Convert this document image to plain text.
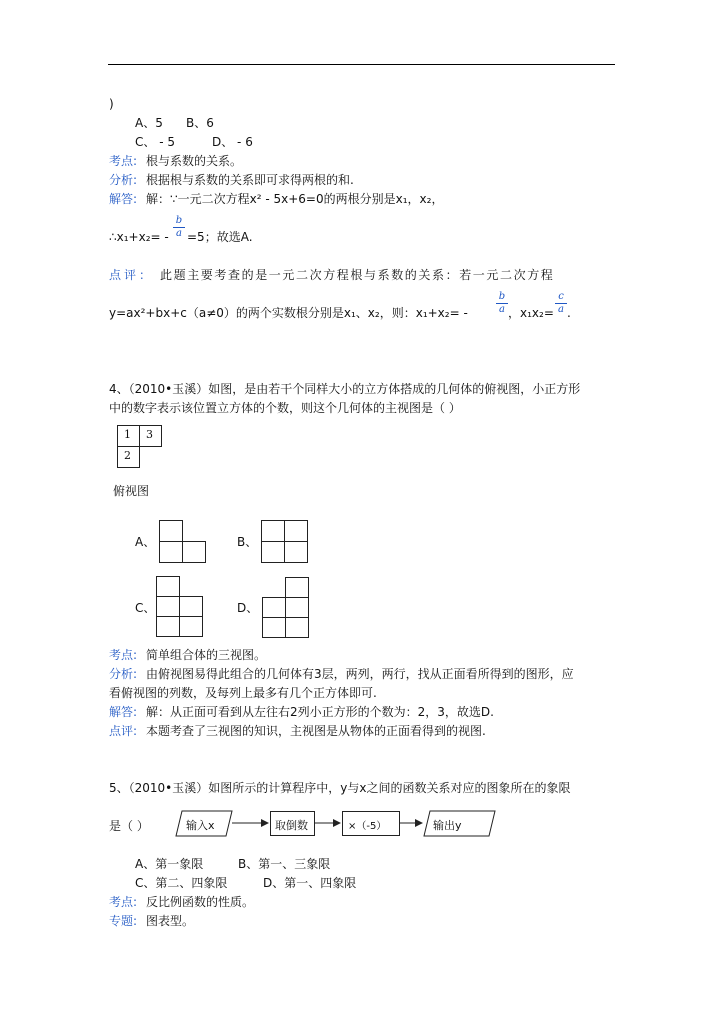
)
A、5 B、6
C、 - 5	D、 - 6
考点: 根与系数的关系。
分析: 根据根与系数的关系即可求得两根的和.
解答: 解：∵一元二次方程x² - 5x+6=0的两根分别是x₁，x₂，
∴x₁+x₂= -
b
a =5；故选A.
点评： 此题主要考查的是一元二次方程根与系数的关系：若一元二次方程
y=ax²+bx+c（a≠0）的两个实数根分别是x₁、x₂，则：x₁+x₂= -
b
a ，x₁x₂=
c
a .
4、（2010•玉溪）如图，是由若干个同样大小的立方体搭成的几何体的俯视图，小正方形
中的数字表示该位置立方体的个数，则这个几何体的主视图是（ ）
1 3
2
俯视图
A、	B、
C、	D、
考点: 简单组合体的三视图。
分析: 由俯视图易得此组合的几何体有3层，两列，两行，找从正面看所得到的图形，应
看俯视图的列数，及每列上最多有几个正方体即可.
解答: 解：从正面可看到从左往右2列小正方形的个数为：2，3，故选D.
点评: 本题考查了三视图的知识，主视图是从物体的正面看得到的视图.
5、（2010•玉溪）如图所示的计算程序中，y与x之间的函数关系对应的图象所在的象限
是（ ）	输入x	取倒数	×（-5）	输出y
A、第一象限	B、第一、三象限
C、第二、四象限	D、第一、四象限
考点: 反比例函数的性质。
专题: 图表型。
